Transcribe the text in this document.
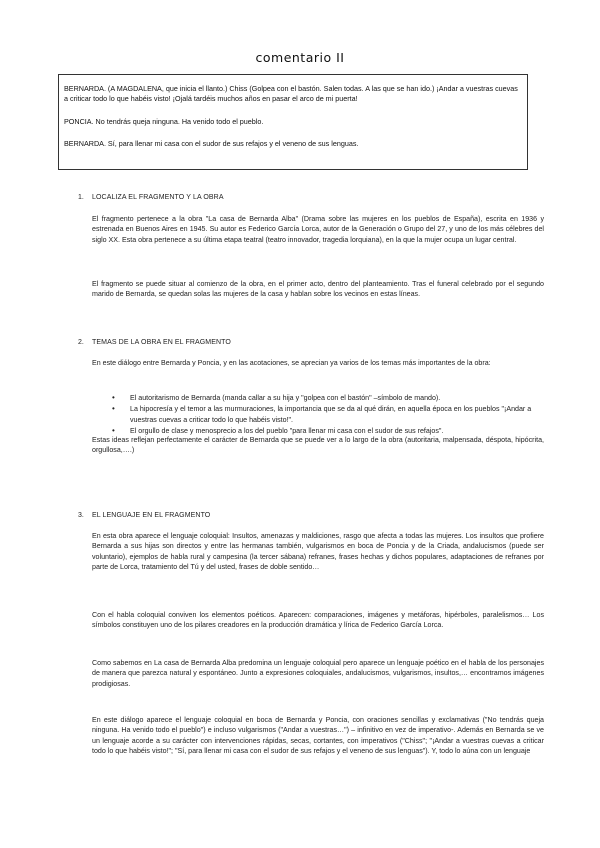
comentario II

BERNARDA. (A MAGDALENA, que inicia el llanto.) Chiss (Golpea con el bastón. Salen todas. A las que se han ido.) ¡Andar a vuestras cuevas a criticar todo lo que habéis visto! ¡Ojalá tardéis muchos años en pasar el arco de mi puerta!

PONCIA. No tendrás queja ninguna. Ha venido todo el pueblo.

BERNARDA. Sí, para llenar mi casa con el sudor de sus refajos y el veneno de sus lenguas.

1. LOCALIZA EL FRAGMENTO Y LA OBRA
El fragmento pertenece a la obra "La casa de Bernarda Alba" (Drama sobre las mujeres en los pueblos de España), escrita en 1936 y estrenada en Buenos Aires en 1945. Su autor es Federico García Lorca, autor de la Generación o Grupo del 27, y uno de los más célebres del siglo XX. Esta obra pertenece a su última etapa teatral (teatro innovador, tragedia lorquiana), en la que la mujer ocupa un lugar central.
El fragmento se puede situar al comienzo de la obra, en el primer acto, dentro del planteamiento. Tras el funeral celebrado por el segundo marido de Bernarda, se quedan solas las mujeres de la casa y hablan sobre los vecinos en estas líneas.
2. TEMAS DE LA OBRA EN EL FRAGMENTO
En este diálogo entre Bernarda y Poncia, y en las acotaciones, se aprecian ya varios de los temas más importantes de la obra:
• El autoritarismo de Bernarda (manda callar a su hija y "golpea con el bastón" –símbolo de mando).
• La hipocresía y el temor a las murmuraciones, la importancia que se da al qué dirán, en aquella época en los pueblos "¡Andar a vuestras cuevas a criticar todo lo que habéis visto!".
• El orgullo de clase y menosprecio a los del pueblo "para llenar mi casa con el sudor de sus refajos".
Estas ideas reflejan perfectamente el carácter de Bernarda que se puede ver a lo largo de la obra (autoritaria, malpensada, déspota, hipócrita, orgullosa,….)
3. EL LENGUAJE EN EL FRAGMENTO
En esta obra aparece el lenguaje coloquial: Insultos, amenazas y maldiciones, rasgo que afecta a todas las mujeres. Los insultos que profiere Bernarda a sus hijas son directos y entre las hermanas también, vulgarismos en boca de Poncia y de la Criada, andalucismos (puede ser voluntario), ejemplos de habla rural y campesina (la tercer sábana) refranes, frases hechas y dichos populares, adaptaciones de refranes por parte de Lorca, tratamiento del Tú y del usted, frases de doble sentido…
Con el habla coloquial conviven los elementos poéticos. Aparecen: comparaciones, imágenes y metáforas, hipérboles, paralelismos… Los símbolos constituyen uno de los pilares creadores en la producción dramática y lírica de Federico García Lorca.
Como sabemos en La casa de Bernarda Alba predomina un lenguaje coloquial pero aparece un lenguaje poético en el habla de los personajes de manera que parezca natural y espontáneo. Junto a expresiones coloquiales, andalucismos, vulgarismos, insultos,… encontramos imágenes prodigiosas.
En este diálogo aparece el lenguaje coloquial en boca de Bernarda y Poncia, con oraciones sencillas y exclamativas ("No tendrás queja ninguna. Ha venido todo el pueblo") e incluso vulgarismos ("Andar a vuestras…") – infinitivo en vez de imperativo-. Además en Bernarda se ve un lenguaje acorde a su carácter con intervenciones rápidas, secas, cortantes, con imperativos ("Chiss"; "¡Andar a vuestras cuevas a criticar todo lo que habéis visto!"; "Sí, para llenar mi casa con el sudor de sus refajos y el veneno de sus lenguas"). Y, todo lo aúna con un lenguaje
